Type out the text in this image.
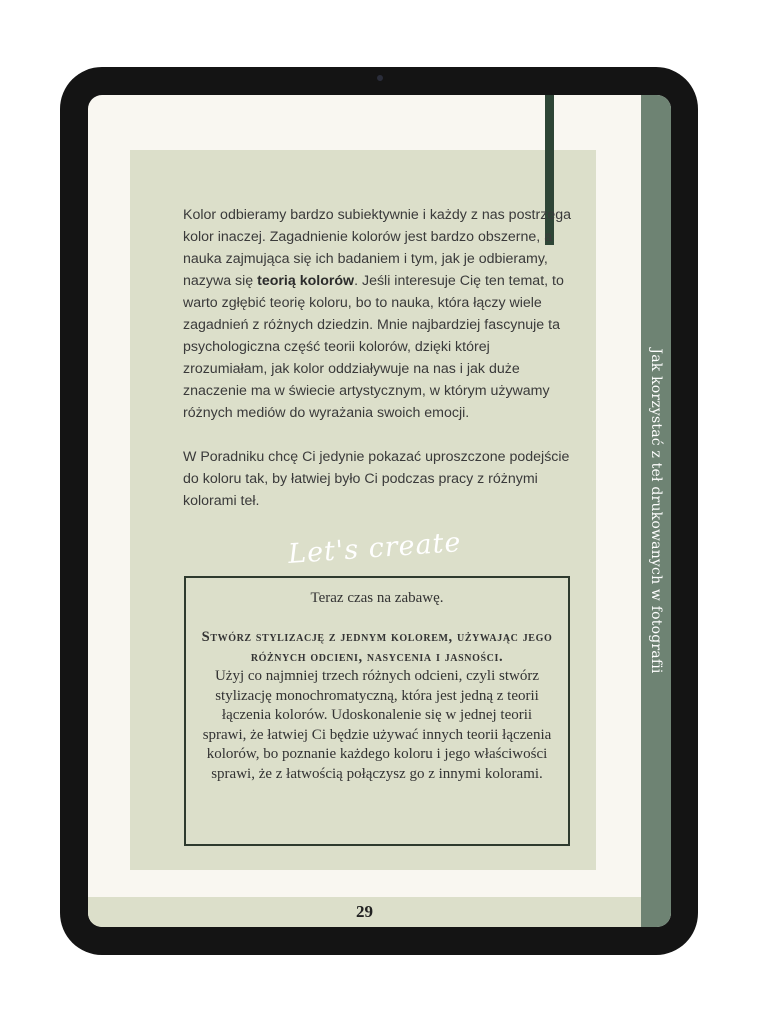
Kolor odbieramy bardzo subiektywnie i każdy z nas postrzega kolor inaczej. Zagadnienie kolorów jest bardzo obszerne, a nauka zajmująca się ich badaniem i tym, jak je odbieramy, nazywa się teorią kolorów. Jeśli interesuje Cię ten temat, to warto zgłębić teorię koloru, bo to nauka, która łączy wiele zagadnień z różnych dziedzin. Mnie najbardziej fascynuje ta psychologiczna część teorii kolorów, dzięki której zrozumiałam, jak kolor oddziaływuje na nas i jak duże znaczenie ma w świecie artystycznym, w którym używamy różnych mediów do wyrażania swoich emocji.

W Poradniku chcę Ci jedynie pokazać uproszczone podejście do koloru tak, by łatwiej było Ci podczas pracy z różnymi kolorami teł.

Let's create
Teraz czas na zabawę.
Stwórz stylizację z jednym kolorem, używając jego różnych odcieni, nasycenia i jasności.
Użyj co najmniej trzech różnych odcieni, czyli stwórz stylizację monochromatyczną, która jest jedną z teorii łączenia kolorów. Udoskonalenie się w jednej teorii sprawi, że łatwiej Ci będzie używać innych teorii łączenia kolorów, bo poznanie każdego koloru i jego właściwości sprawi, że z łatwością połączysz go z innymi kolorami.
Jak korzystać z teł drukowanych w fotografii
29
